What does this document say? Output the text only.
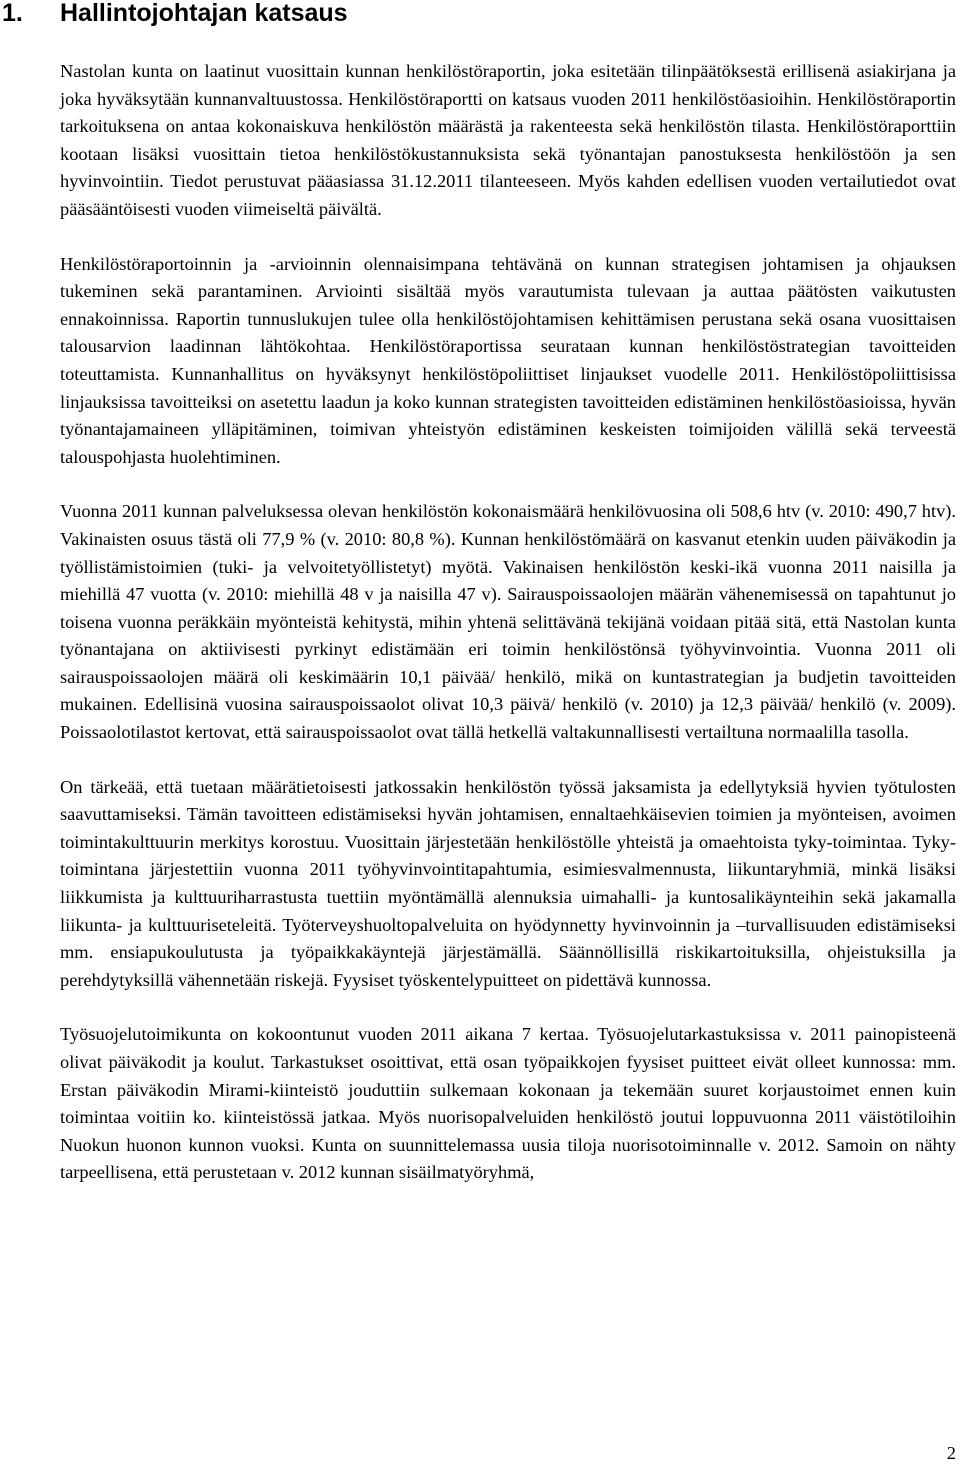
1. Hallintojohtajan katsaus

Nastolan kunta on laatinut vuosittain kunnan henkilöstöraportin, joka esitetään tilinpäätöksestä erillisenä asiakirjana ja joka hyväksytään kunnanvaltuustossa. Henkilöstöraportti on katsaus vuoden 2011 henkilöstöasioihin. Henkilöstöraportin tarkoituksena on antaa kokonaiskuva henkilöstön määrästä ja rakenteesta sekä henkilöstön tilasta. Henkilöstöraporttiin kootaan lisäksi vuosittain tietoa henkilöstökustannuksista sekä työnantajan panostuksesta henkilöstöön ja sen hyvinvointiin. Tiedot perustuvat pääasiassa 31.12.2011 tilanteeseen. Myös kahden edellisen vuoden vertailutiedot ovat pääsääntöisesti vuoden viimeiseltä päivältä.

Henkilöstöraportoinnin ja -arvioinnin olennaisimpana tehtävänä on kunnan strategisen johtamisen ja ohjauksen tukeminen sekä parantaminen. Arviointi sisältää myös varautumista tulevaan ja auttaa päätösten vaikutusten ennakoinnissa. Raportin tunnuslukujen tulee olla henkilöstöjohtamisen kehittämisen perustana sekä osana vuosittaisen talousarvion laadinnan lähtökohtaa. Henkilöstöraportissa seurataan kunnan henkilöstöstrategian tavoitteiden toteuttamista. Kunnanhallitus on hyväksynyt henkilöstöpoliittiset linjaukset vuodelle 2011. Henkilöstöpoliittisissa linjauksissa tavoitteiksi on asetettu laadun ja koko kunnan strategisten tavoitteiden edistäminen henkilöstöasioissa, hyvän työnantajamaineen ylläpitäminen, toimivan yhteistyön edistäminen keskeisten toimijoiden välillä sekä terveestä talouspohjasta huolehtiminen.

Vuonna 2011 kunnan palveluksessa olevan henkilöstön kokonaismäärä henkilövuosina oli 508,6 htv (v. 2010: 490,7 htv). Vakinaisten osuus tästä oli 77,9 % (v. 2010: 80,8 %). Kunnan henkilöstömäärä on kasvanut etenkin uuden päiväkodin ja työllistämistoimien (tuki- ja velvoitetyöllistetyt) myötä. Vakinaisen henkilöstön keski-ikä vuonna 2011 naisilla ja miehillä 47 vuotta (v. 2010: miehillä 48 v ja naisilla 47 v). Sairauspoissaolojen määrän vähenemisessä on tapahtunut jo toisena vuonna peräkkäin myönteistä kehitystä, mihin yhtenä selittävänä tekijänä voidaan pitää sitä, että Nastolan kunta työnantajana on aktiivisesti pyrkinyt edistämään eri toimin henkilöstönsä työhyvinvointia. Vuonna 2011 oli sairauspoissaolojen määrä oli keskimäärin 10,1 päivää/ henkilö, mikä on kuntastrategian ja budjetin tavoitteiden mukainen. Edellisinä vuosina sairauspoissaolot olivat 10,3 päivä/ henkilö (v. 2010) ja 12,3 päivää/ henkilö (v. 2009). Poissaolotilastot kertovat, että sairauspoissaolot ovat tällä hetkellä valtakunnallisesti vertailtuna normaalilla tasolla.

On tärkeää, että tuetaan määrätietoisesti jatkossakin henkilöstön työssä jaksamista ja edellytyksiä hyvien työtulosten saavuttamiseksi. Tämän tavoitteen edistämiseksi hyvän johtamisen, ennaltaehkäisevien toimien ja myönteisen, avoimen toimintakulttuurin merkitys korostuu. Vuosittain järjestetään henkilöstölle yhteistä ja omaehtoista tyky-toimintaa. Tyky-toimintana järjestettiin vuonna 2011 työhyvinvointitapahtumia, esimiesvalmennusta, liikuntaryhmiä, minkä lisäksi liikkumista ja kulttuuriharrastusta tuettiin myöntämällä alennuksia uimahalli- ja kuntosalikäynteihin sekä jakamalla liikunta- ja kulttuuriseteleitä. Työterveyshuoltopalveluita on hyödynnetty hyvinvoinnin ja –turvallisuuden edistämiseksi mm. ensiapukoulutusta ja työpaikkakäyntejä järjestämällä. Säännöllisillä riskikartoituksilla, ohjeistuksilla ja perehdytyksillä vähennetään riskejä. Fyysiset työskentelypuitteet on pidettävä kunnossa.

Työsuojelutoimikunta on kokoontunut vuoden 2011 aikana 7 kertaa. Työsuojelutarkastuksissa v. 2011 painopisteenä olivat päiväkodit ja koulut. Tarkastukset osoittivat, että osan työpaikkojen fyysiset puitteet eivät olleet kunnossa: mm. Erstan päiväkodin Mirami-kiinteistö jouduttiin sulkemaan kokonaan ja tekemään suuret korjaustoimet ennen kuin toimintaa voitiin ko. kiinteistössä jatkaa. Myös nuorisopalveluiden henkilöstö joutui loppuvuonna 2011 väistötiloihin Nuokun huonon kunnon vuoksi. Kunta on suunnittelemassa uusia tiloja nuorisotoiminnalle v. 2012. Samoin on nähty tarpeellisena, että perustetaan v. 2012 kunnan sisäilmatyöryhmä,

2
